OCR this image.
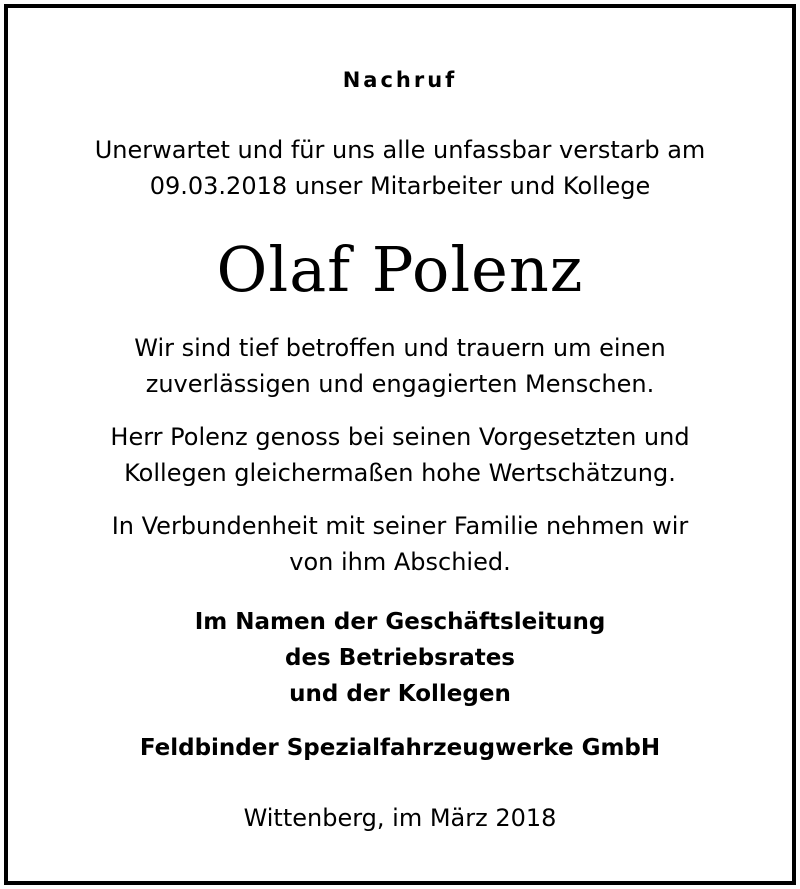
Nachruf
Unerwartet und für uns alle unfassbar verstarb am
09.03.2018 unser Mitarbeiter und Kollege
Olaf Polenz
Wir sind tief betroffen und trauern um einen
zuverlässigen und engagierten Menschen.
Herr Polenz genoss bei seinen Vorgesetzten und
Kollegen gleichermaßen hohe Wertschätzung.
In Verbundenheit mit seiner Familie nehmen wir
von ihm Abschied.
Im Namen der Geschäftsleitung
des Betriebsrates
und der Kollegen
Feldbinder Spezialfahrzeugwerke GmbH
Wittenberg, im März 2018
